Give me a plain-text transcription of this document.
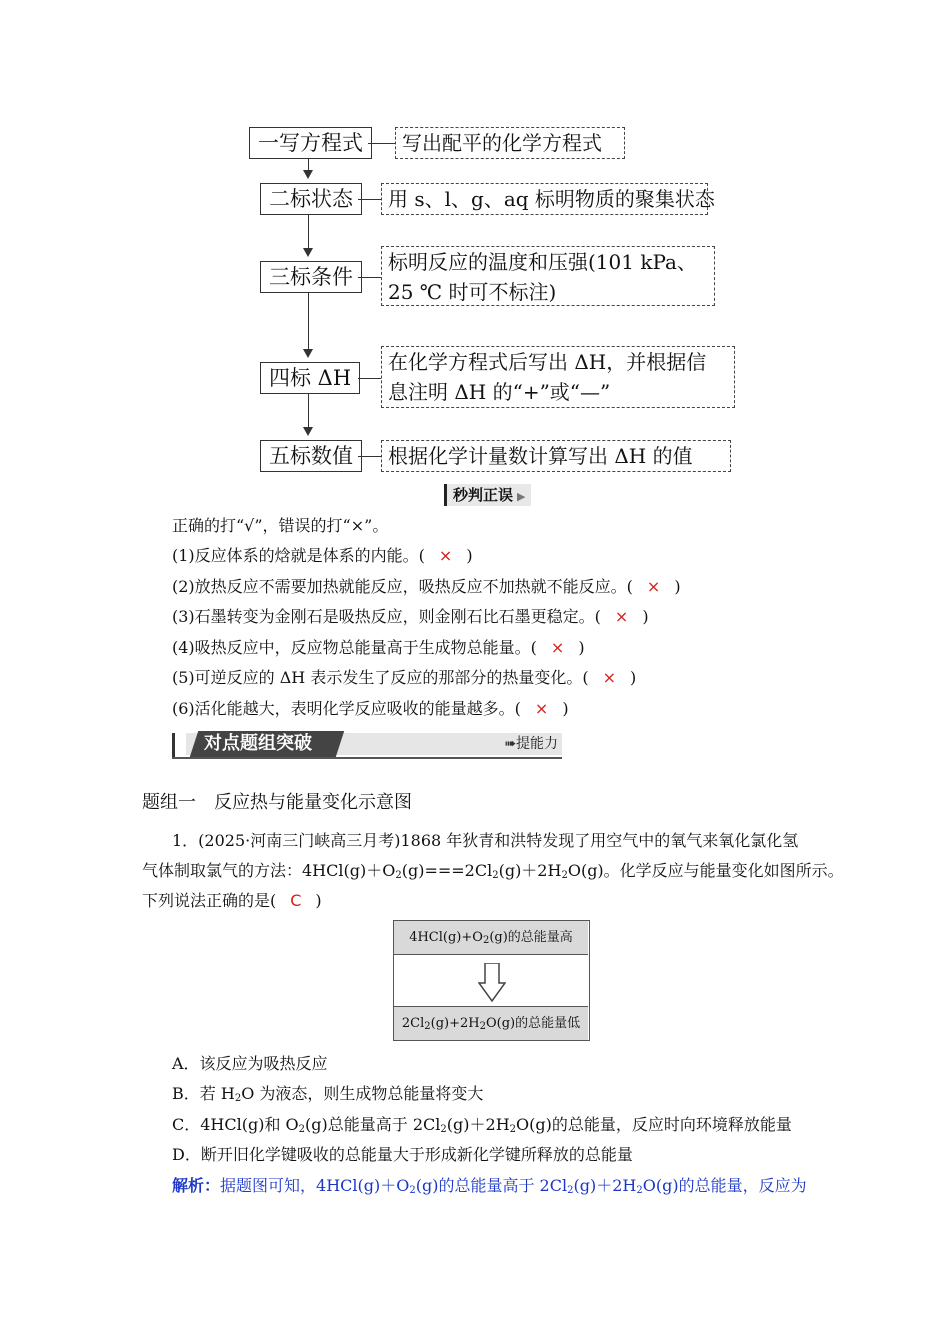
一写方程式
二标状态
三标条件
四标 ΔH
五标数值
写出配平的化学方程式
用 s、l、g、aq 标明物质的聚集状态
标明反应的温度和压强(101 kPa、
25 ℃ 时可不标注)
在化学方程式后写出 ΔH，并根据信
息注明 ΔH 的“+”或“—”
根据化学计量数计算写出 ΔH 的值
秒判正误 ▶
正确的打“√”，错误的打“×”。
(1)反应体系的焓就是体系的内能。( × )
(2)放热反应不需要加热就能反应，吸热反应不加热就不能反应。( × )
(3)石墨转变为金刚石是吸热反应，则金刚石比石墨更稳定。( × )
(4)吸热反应中，反应物总能量高于生成物总能量。( × )
(5)可逆反应的 ΔH 表示发生了反应的那部分的热量变化。( × )
(6)活化能越大，表明化学反应吸收的能量越多。( × )
对点题组突破	➠提能力
题组一　反应热与能量变化示意图
1．(2025·河南三门峡高三月考)1868 年狄青和洪特发现了用空气中的氧气来氧化氯化氢
气体制取氯气的方法：$4HCl(g)+O_2(g)===2Cl_2(g)+2H_2O(g)$。化学反应与能量变化如图所示。
下列说法正确的是( C )
$4HCl(g)+O_2(g)$的总能量高
$2Cl_2(g)+2H_2O(g)$的总能量低
A．该反应为吸热反应
B．若 $H_2O$ 为液态，则生成物总能量将变大
C．4HCl(g)和 $O_2(g)$总能量高于 $2Cl_2(g)+2H_2O(g)$的总能量，反应时向环境释放能量
D．断开旧化学键吸收的总能量大于形成新化学键所释放的总能量
解析：据题图可知，$4HCl(g)+O_2(g)$的总能量高于 $2Cl_2(g)+2H_2O(g)$的总能量，反应为
